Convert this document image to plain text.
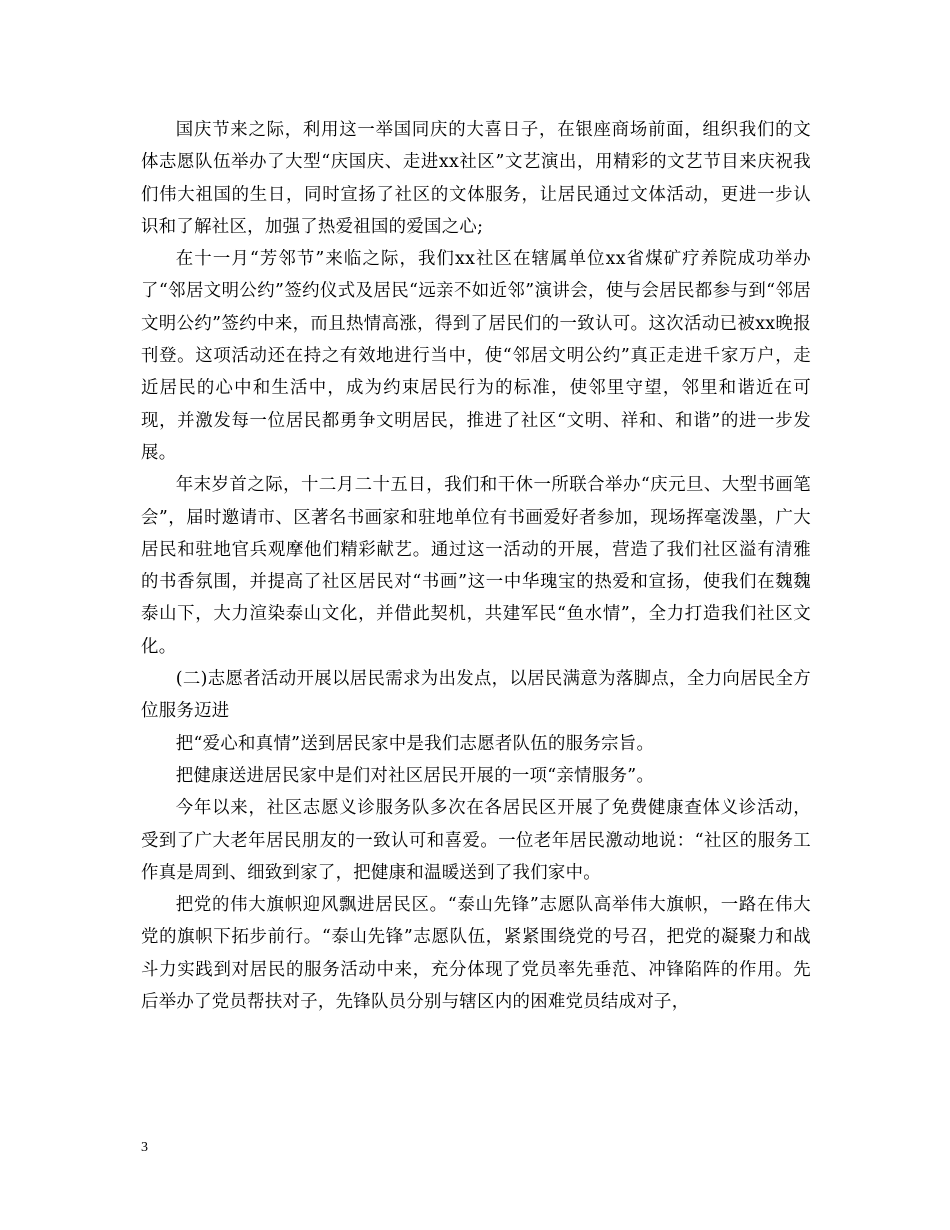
国庆节来之际，利用这一举国同庆的大喜日子，在银座商场前面，组织我们的文体志愿队伍举办了大型“庆国庆、走进xx社区”文艺演出，用精彩的文艺节目来庆祝我们伟大祖国的生日，同时宣扬了社区的文体服务，让居民通过文体活动，更进一步认识和了解社区，加强了热爱祖国的爱国之心;

在十一月“芳邻节”来临之际，我们xx社区在辖属单位xx省煤矿疗养院成功举办了“邻居文明公约”签约仪式及居民“远亲不如近邻”演讲会，使与会居民都参与到“邻居文明公约”签约中来，而且热情高涨，得到了居民们的一致认可。这次活动已被xx晚报刊登。这项活动还在持之有效地进行当中，使“邻居文明公约”真正走进千家万户，走近居民的心中和生活中，成为约束居民行为的标准，使邻里守望，邻里和谐近在可现，并激发每一位居民都勇争文明居民，推进了社区“文明、祥和、和谐”的进一步发展。

年末岁首之际，十二月二十五日，我们和干休一所联合举办“庆元旦、大型书画笔会”，届时邀请市、区著名书画家和驻地单位有书画爱好者参加，现场挥毫泼墨，广大居民和驻地官兵观摩他们精彩献艺。通过这一活动的开展，营造了我们社区溢有清雅的书香氛围，并提高了社区居民对“书画”这一中华瑰宝的热爱和宣扬，使我们在魏魏泰山下，大力渲染泰山文化，并借此契机，共建军民“鱼水情”，全力打造我们社区文化。

(二)志愿者活动开展以居民需求为出发点，以居民满意为落脚点，全力向居民全方位服务迈进

把“爱心和真情”送到居民家中是我们志愿者队伍的服务宗旨。

把健康送进居民家中是们对社区居民开展的一项“亲情服务”。

今年以来，社区志愿义诊服务队多次在各居民区开展了免费健康查体义诊活动，受到了广大老年居民朋友的一致认可和喜爱。一位老年居民激动地说：“社区的服务工作真是周到、细致到家了，把健康和温暖送到了我们家中。

把党的伟大旗帜迎风飘进居民区。“泰山先锋”志愿队高举伟大旗帜，一路在伟大党的旗帜下拓步前行。“泰山先锋”志愿队伍，紧紧围绕党的号召，把党的凝聚力和战斗力实践到对居民的服务活动中来，充分体现了党员率先垂范、冲锋陷阵的作用。先后举办了党员帮扶对子，先锋队员分别与辖区内的困难党员结成对子，

3
